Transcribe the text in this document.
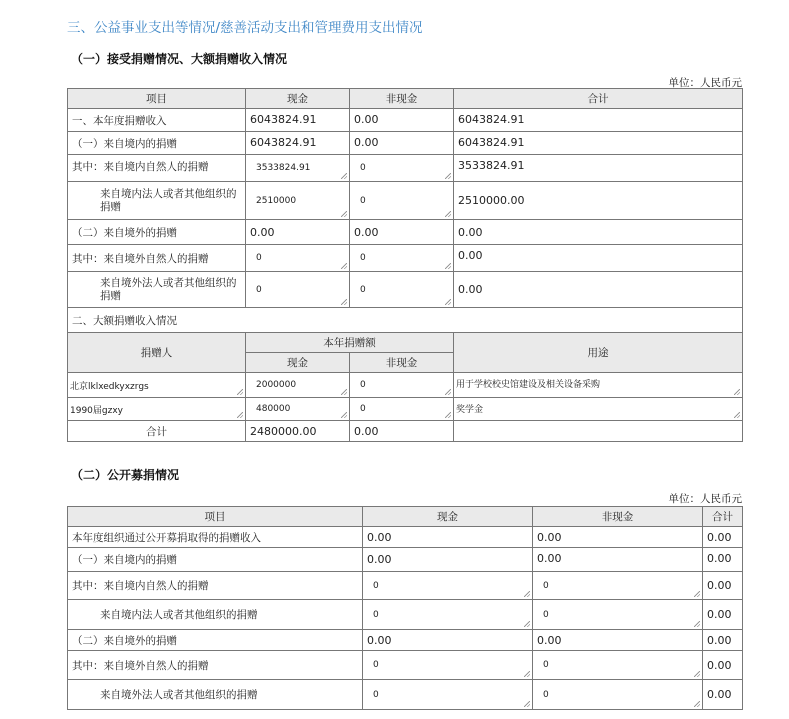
三、公益事业支出等情况/慈善活动支出和管理费用支出情况
（一）接受捐赠情况、大额捐赠收入情况
单位：人民币元
项目	现金	非现金	合计
一、本年度捐赠收入	6043824.91	0.00	6043824.91
（一）来自境内的捐赠	6043824.91	0.00	6043824.91
其中：来自境内自然人的捐赠	3533824.91	0	3533824.91
来自境内法人或者其他组织的捐赠	2510000	0	2510000.00
（二）来自境外的捐赠	0.00	0.00	0.00
其中：来自境外自然人的捐赠	0	0	0.00
来自境外法人或者其他组织的捐赠	0	0	0.00
二、大额捐赠收入情况			
捐赠人	本年捐赠额		用途
	现金	非现金	
北京lklxedkyxzrgs	2000000	0	用于学校校史馆建设及相关设备采购
1990届gzxy	480000	0	奖学金
合计	2480000.00	0.00	
（二）公开募捐情况
单位：人民币元
项目	现金	非现金	合计
本年度组织通过公开募捐取得的捐赠收入	0.00	0.00	0.00
（一）来自境内的捐赠	0.00	0.00	0.00
其中：来自境内自然人的捐赠	0	0	0.00
来自境内法人或者其他组织的捐赠	0	0	0.00
（二）来自境外的捐赠	0.00	0.00	0.00
其中：来自境外自然人的捐赠	0	0	0.00
来自境外法人或者其他组织的捐赠	0	0	0.00
